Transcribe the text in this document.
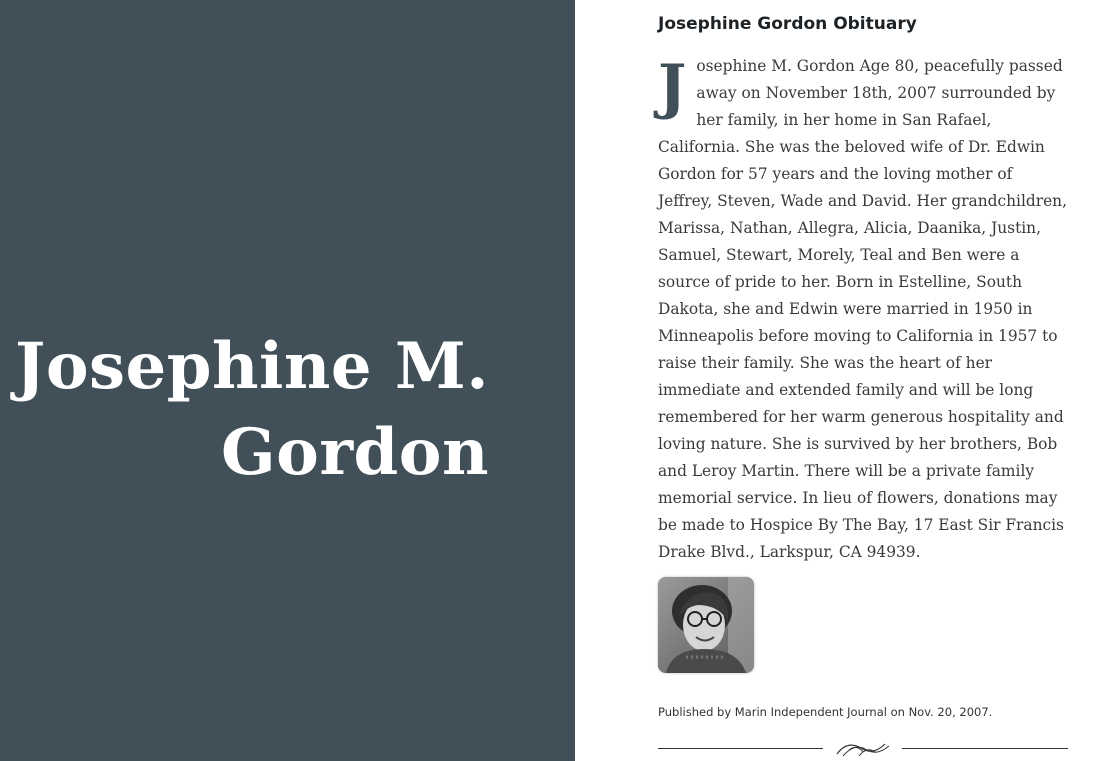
Josephine M.
Gordon
Josephine Gordon Obituary

Josephine M. Gordon Age 80, peacefully passed away on November 18th, 2007 surrounded by her family, in her home in San Rafael, California. She was the beloved wife of Dr. Edwin Gordon for 57 years and the loving mother of Jeffrey, Steven, Wade and David. Her grandchildren, Marissa, Nathan, Allegra, Alicia, Daanika, Justin, Samuel, Stewart, Morely, Teal and Ben were a source of pride to her. Born in Estelline, South Dakota, she and Edwin were married in 1950 in Minneapolis before moving to California in 1957 to raise their family. She was the heart of her immediate and extended family and will be long remembered for her warm generous hospitality and loving nature. She is survived by her brothers, Bob and Leroy Martin. There will be a private family memorial service. In lieu of flowers, donations may be made to Hospice By The Bay, 17 East Sir Francis Drake Blvd., Larkspur, CA 94939.

Published by Marin Independent Journal on Nov. 20, 2007.
